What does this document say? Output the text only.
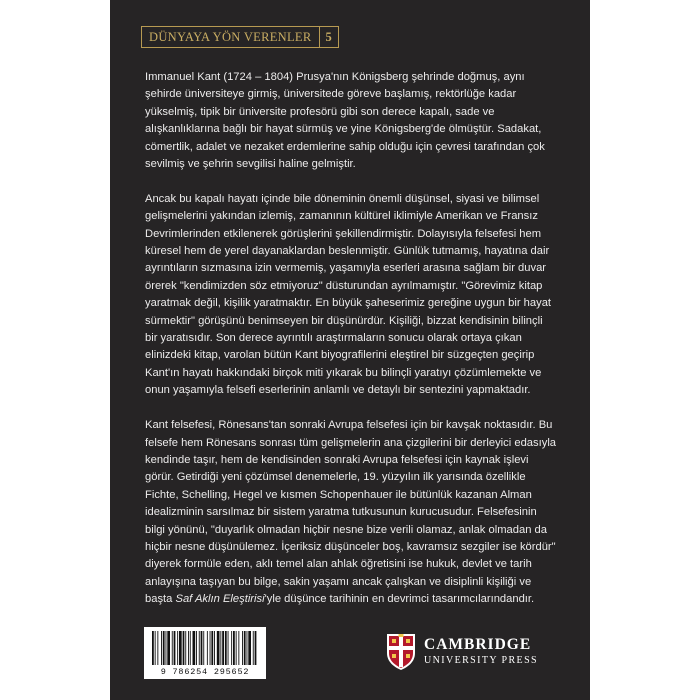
DÜNYAYA YÖN VERENLER	5

Immanuel Kant (1724 – 1804) Prusya'nın Königsberg şehrinde doğmuş, aynı şehirde üniversiteye girmiş, üniversitede göreve başlamış, rektörlüğe kadar yükselmiş, tipik bir üniversite profesörü gibi son derece kapalı, sade ve alışkanlıklarına bağlı bir hayat sürmüş ve yine Königsberg'de ölmüştür. Sadakat, cömertlik, adalet ve nezaket erdemlerine sahip olduğu için çevresi tarafından çok sevilmiş ve şehrin sevgilisi haline gelmiştir.

Ancak bu kapalı hayatı içinde bile döneminin önemli düşünsel, siyasi ve bilimsel gelişmelerini yakından izlemiş, zamanının kültürel iklimiyle Amerikan ve Fransız Devrimlerinden etkilenerek görüşlerini şekillendirmiştir. Dolayısıyla felsefesi hem küresel hem de yerel dayanaklardan beslenmiştir. Günlük tutmamış, hayatına dair ayrıntıların sızmasına izin vermemiş, yaşamıyla eserleri arasına sağlam bir duvar örerek "kendimizden söz etmiyoruz" düsturundan ayrılmamıştır. "Görevimiz kitap yaratmak değil, kişilik yaratmaktır. En büyük şaheserimiz gereğine uygun bir hayat sürmektir" görüşünü benimseyen bir düşünürdür. Kişiliği, bizzat kendisinin bilinçli bir yaratısıdır. Son derece ayrıntılı araştırmaların sonucu olarak ortaya çıkan elinizdeki kitap, varolan bütün Kant biyografilerini eleştirel bir süzgeçten geçirip Kant'ın hayatı hakkındaki birçok miti yıkarak bu bilinçli yaratıyı çözümlemekte ve onun yaşamıyla felsefi eserlerinin anlamlı ve detaylı bir sentezini yapmaktadır.

Kant felsefesi, Rönesans'tan sonraki Avrupa felsefesi için bir kavşak noktasıdır. Bu felsefe hem Rönesans sonrası tüm gelişmelerin ana çizgilerini bir derleyici edasıyla kendinde taşır, hem de kendisinden sonraki Avrupa felsefesi için kaynak işlevi görür. Getirdiği yeni çözümsel denemelerle, 19. yüzyılın ilk yarısında özellikle Fichte, Schelling, Hegel ve kısmen Schopenhauer ile bütünlük kazanan Alman idealizminin sarsılmaz bir sistem yaratma tutkusunun kurucusudur. Felsefesinin bilgi yönünü, "duyarlık olmadan hiçbir nesne bize verili olamaz, anlak olmadan da hiçbir nesne düşünülemez. İçeriksiz düşünceler boş, kavramsız sezgiler ise kördür" diyerek formüle eden, aklı temel alan ahlak öğretisini ise hukuk, devlet ve tarih anlayışına taşıyan bu bilge, sakin yaşamı ancak çalışkan ve disiplinli kişiliği ve başta Saf Aklın Eleştirisi'yle düşünce tarihinin en devrimci tasarımcılarındandır.

9 786254 295652
CAMBRIDGE
UNIVERSITY PRESS
